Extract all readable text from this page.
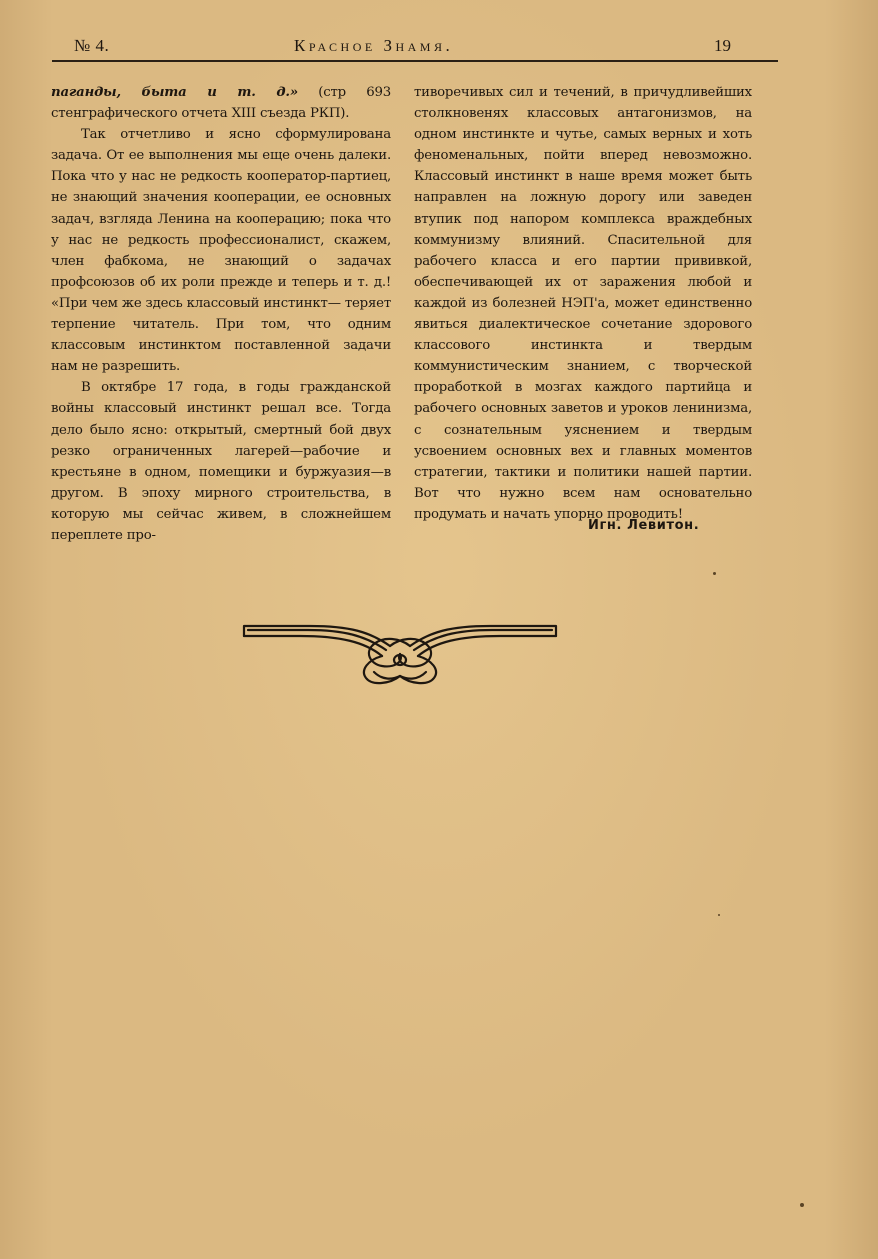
№ 4.	Красное Знамя.	19

паганды, быта и т. д.» (стр 693 стенграфического отчета XIII съезда РКП).

Так отчетливо и ясно сформулирована задача. От ее выполнения мы еще очень далеки. Пока что у нас не редкость кооператор-партиец, не знающий значения кооперации, ее основных задач, взгляда Ленина на кооперацию; пока что у нас не редкость профессионалист, скажем, член фабкома, не знающий о задачах профсоюзов об их роли прежде и теперь и т. д.! «При чем же здесь классовый инстинкт— теряет терпение читатель. При том, что одним классовым инстинктом поставленной задачи нам не разрешить.

В октябре 17 года, в годы гражданской войны классовый инстинкт решал все. Тогда дело было ясно: открытый, смертный бой двух резко ограниченных лагерей—рабочие и крестьяне в одном, помещики и буржуазия—в другом. В эпоху мирного строительства, в которую мы сейчас живем, в сложнейшем переплете про-

тиворечивых сил и течений, в причудливейших столкновенях классовых антагонизмов, на одном инстинкте и чутье, самых верных и хоть феноменальных, пойти вперед невозможно. Классовый инстинкт в наше время может быть направлен на ложную дорогу или заведен втупик под напором комплекса враждебных коммунизму влияний. Спасительной для рабочего класса и его партии прививкой, обеспечивающей их от заражения любой и каждой из болезней НЭП'а, может единственно явиться диалектическое сочетание здорового классового инстинкта и твердым коммунистическим знанием, с творческой проработкой в мозгах каждого партийца и рабочего основных заветов и уроков ленинизма, с сознательным уяснением и твердым усвоением основных вех и главных моментов стратегии, тактики и политики нашей партии. Вот что нужно всем нам основательно продумать и начать упорно проводить!

Игн. Левитон.
